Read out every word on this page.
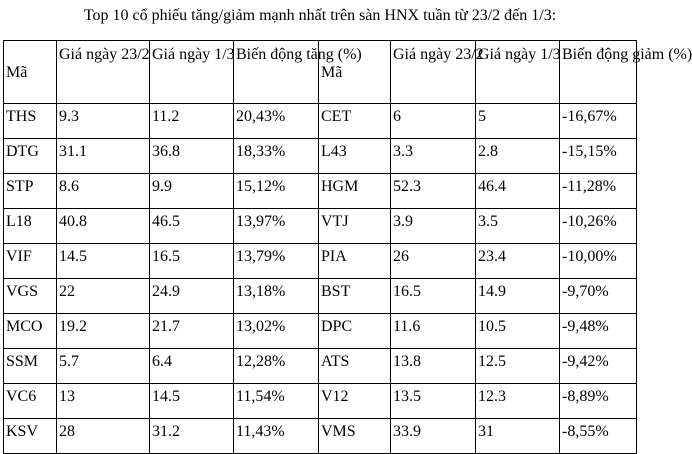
Top 10 cổ phiếu tăng/giảm mạnh nhất trên sàn HNX tuần từ 23/2 đến 1/3:
Mã	Giá ngày 23/2	Giá ngày 1/3	Biến động tăng (%)	Mã	Giá ngày 23/2	Giá ngày 1/3	Biến động giảm (%)
THS	9.3	11.2	20,43%	CET	6	5	-16,67%
DTG	31.1	36.8	18,33%	L43	3.3	2.8	-15,15%
STP	8.6	9.9	15,12%	HGM	52.3	46.4	-11,28%
L18	40.8	46.5	13,97%	VTJ	3.9	3.5	-10,26%
VIF	14.5	16.5	13,79%	PIA	26	23.4	-10,00%
VGS	22	24.9	13,18%	BST	16.5	14.9	-9,70%
MCO	19.2	21.7	13,02%	DPC	11.6	10.5	-9,48%
SSM	5.7	6.4	12,28%	ATS	13.8	12.5	-9,42%
VC6	13	14.5	11,54%	V12	13.5	12.3	-8,89%
KSV	28	31.2	11,43%	VMS	33.9	31	-8,55%
